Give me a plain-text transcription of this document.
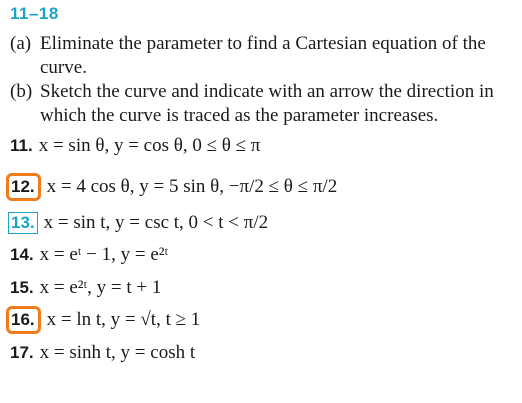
11–18
(a) Eliminate the parameter to find a Cartesian equation of the curve.
(b) Sketch the curve and indicate with an arrow the direction in which the curve is traced as the parameter increases.
11. x = sin θ, y = cos θ, 0 ≤ θ ≤ π
12. x = 4 cos θ, y = 5 sin θ, −π/2 ≤ θ ≤ π/2
13. x = sin t, y = csc t, 0 < t < π/2
14. x = eᵗ − 1, y = e²ᵗ
15. x = e²ᵗ, y = t + 1
16. x = ln t, y = √t, t ≥ 1
17. x = sinh t, y = cosh t
